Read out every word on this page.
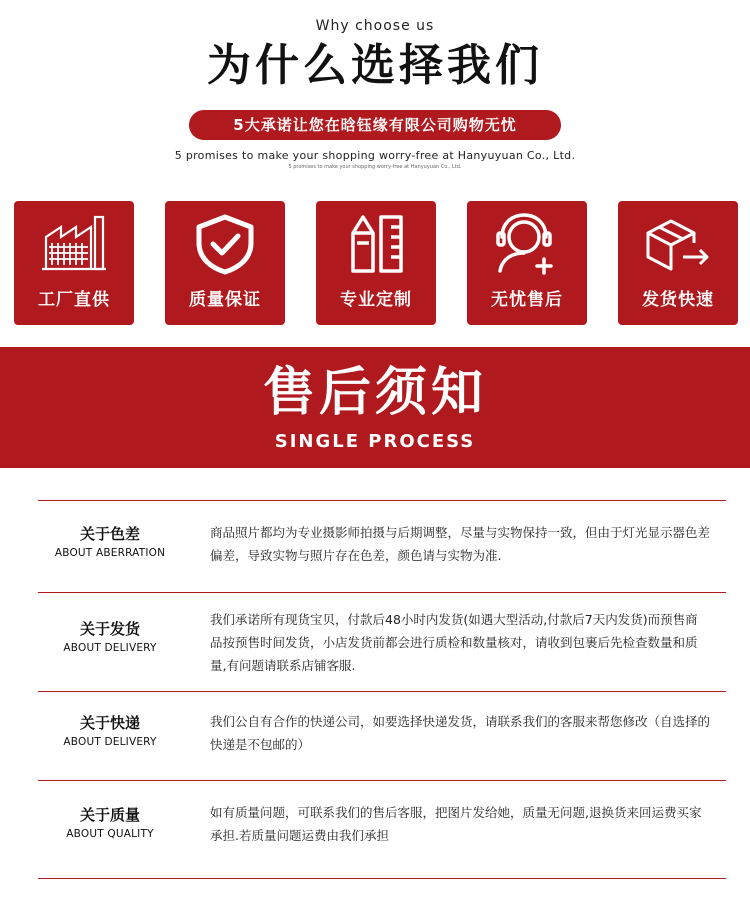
Why choose us
为什么选择我们
5大承诺让您在晗钰缘有限公司购物无忧
5 promises to make your shopping worry-free at Hanyuyuan Co., Ltd.
5 promises to make your shopping worry-free at Hanyuyuan Co., Ltd.
工厂直供	质量保证	专业定制	无忧售后	发货快速
售后须知
SINGLE PROCESS
关于色差
ABOUT ABERRATION
商品照片都均为专业摄影师拍摄与后期调整，尽量与实物保持一致，但由于灯光显示器色差偏差，导致实物与照片存在色差，颜色请与实物为准.
关于发货
ABOUT DELIVERY
我们承诺所有现货宝贝，付款后48小时内发货(如遇大型活动,付款后7天内发货)而预售商品按预售时间发货，小店发货前都会进行质检和数量核对，请收到包裹后先检查数量和质量,有问题请联系店铺客服.
关于快递
ABOUT DELIVERY
我们公自有合作的快递公司，如要选择快递发货，请联系我们的客服来帮您修改（自选择的快递是不包邮的）
关于质量
ABOUT QUALITY
如有质量问题，可联系我们的售后客服，把图片发给她，质量无问题,退换货来回运费买家承担.若质量问题运费由我们承担
